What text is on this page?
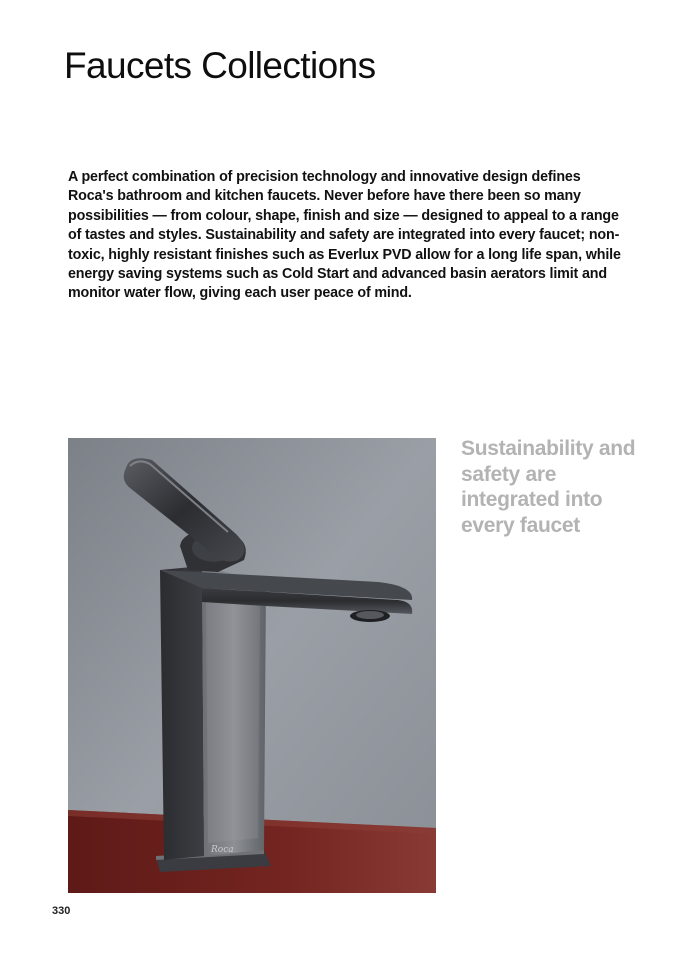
Faucets Collections

A perfect combination of precision technology and innovative design defines Roca's bathroom and kitchen faucets. Never before have there been so many possibilities — from colour, shape, finish and size — designed to appeal to a range of tastes and styles. Sustainability and safety are integrated into every faucet; non-toxic, highly resistant finishes such as Everlux PVD allow for a long life span, while energy saving systems such as Cold Start and advanced basin aerators limit and monitor water flow, giving each user peace of mind.

Roca

Sustainability and safety are integrated into every faucet

330
